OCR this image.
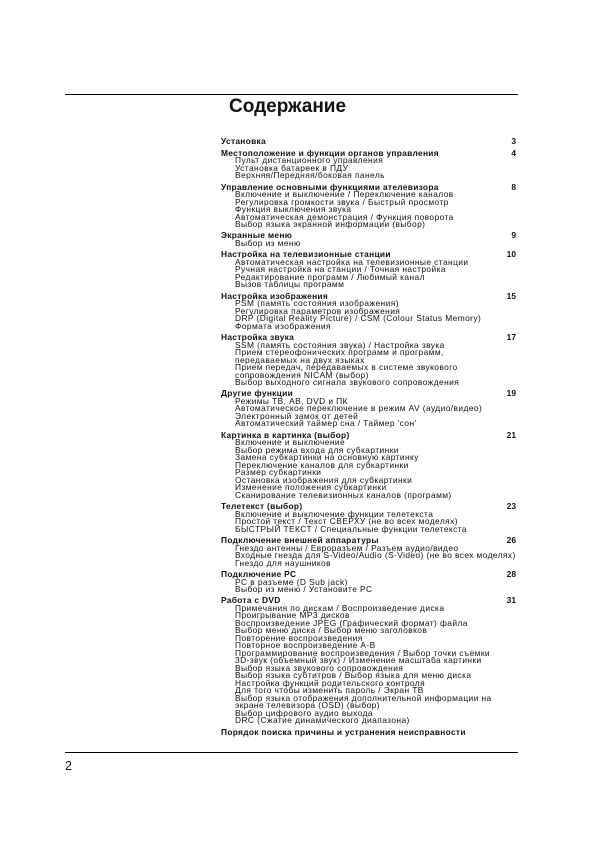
Содержание
Установка	3
Местоположение и функции органов управления	4
Пульт дистанционного управления
Установка батареек в ПДУ
Верхняя/Передняя/боковая панель
Управление основными функциями ателевизора	8
Включение и выключение / Переключение каналов
Регулировка громкости звука / Быстрый просмотр
Функция выключения звука
Автоматическая демонстрация / Функция поворота
Выбор языка экранной информации (выбор)
Экранные меню	9
Выбор из меню
Настройка на телевизионные станции	10
Автоматическая настройка на телевизионные станции
Ручная настройка на станции / Точная настройка
Редактирование программ / Любимый канал
Вызов таблицы программ
Настройка изображения	15
PSM (память состояния изображения)
Регулировка параметров изображения
DRP (Digital Reality Picture) / CSM (Colour Status Memory)
Формата изображения
Настройка звука	17
SSM (память состояния звука) / Настройка звука
Прием стереофонических программ и программ,
передаваемых на двух языках
Прием передач, передаваемых в системе звукового
сопровождения NICAM (выбор)
Выбор выходного сигнала звукового сопровождения
Другие функции	19
Режимы ТВ, АВ, DVD и ПК
Автоматическое переключение в режим AV (аудио/видео)
Электронный замок от детей
Автоматический таймер сна / Таймер 'сон'
Картинка в картинка (выбор)	21
Включение и выключение
Выбор режима входа для субкартинки
Замена субкартинки на основную картинку
Переключение каналов для субкартинки
Размер субкартинки
Остановка изображения для субкартинки
Изменение положения субкартинки
Сканирование телевизионных каналов (программ)
Телетекст (выбор)	23
Включение и выключение функции телетекста
Простой текст / Текст СВЕРХУ (не во всех моделях)
БЫСТРЫЙ ТЕКСТ / Специальные функции телетекста
Подключение внешней аппаратуры	26
Гнездо антенны / Евроразъем / Разъем аудио/видео
Входные гнезда для S-Video/Audio (S-Video) (не во всех моделях)
Гнездо для наушников
Подключение PC	28
PC в разъеме (D Sub jack)
Выбор из меню / Установите PC
Работа с DVD	31
Примечания по дискам / Воспроизведение диска
Проигрывание MP3 дисков
Воспроизведение JPEG (Графический формат) файла
Выбор меню диска / Выбор меню заголовков
Повторение воспроизведения
Повторное воспроизведение A-B
Программирование воспроизведения / Выбор точки съемки
3D-звук (объемный звук) / Изменение масштаба картинки
Выбор языка звукового сопровождения
Выбор языка субтитров / Выбор языка для меню диска
Настройка функций родительского контроля
Для того чтобы изменить пароль / Экран ТВ
Выбор языка отображения дополнительной информации на
экране телевизора (OSD) (выбор)
Выбор цифрового аудио выхода
DRC (Сжатие динамического диапазона)
Порядок поиска причины и устранения неисправности
2
